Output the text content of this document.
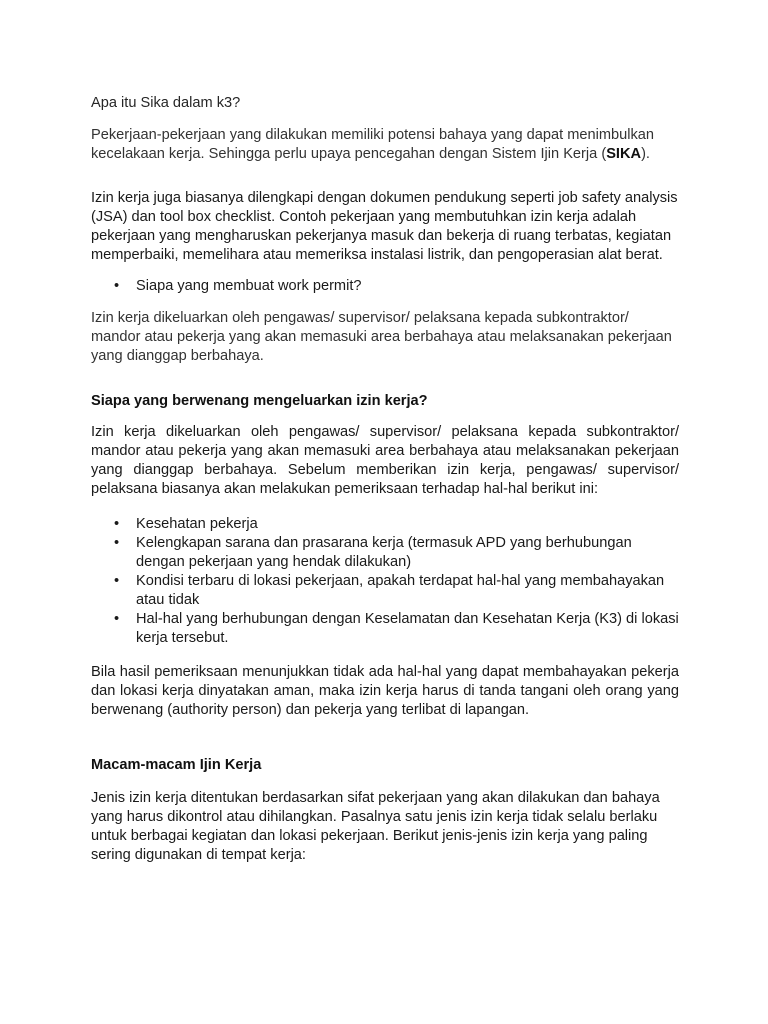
Apa itu Sika dalam k3?

Pekerjaan-pekerjaan yang dilakukan memiliki potensi bahaya yang dapat menimbulkan kecelakaan kerja. Sehingga perlu upaya pencegahan dengan Sistem Ijin Kerja (SIKA).

Izin kerja juga biasanya dilengkapi dengan dokumen pendukung seperti job safety analysis (JSA) dan tool box checklist. Contoh pekerjaan yang membutuhkan izin kerja adalah pekerjaan yang mengharuskan pekerjanya masuk dan bekerja di ruang terbatas, kegiatan memperbaiki, memelihara atau memeriksa instalasi listrik, dan pengoperasian alat berat.

• Siapa yang membuat work permit?

Izin kerja dikeluarkan oleh pengawas/ supervisor/ pelaksana kepada subkontraktor/ mandor atau pekerja yang akan memasuki area berbahaya atau melaksanakan pekerjaan yang dianggap berbahaya.

Siapa yang berwenang mengeluarkan izin kerja?

Izin kerja dikeluarkan oleh pengawas/ supervisor/ pelaksana kepada subkontraktor/ mandor atau pekerja yang akan memasuki area berbahaya atau melaksanakan pekerjaan yang dianggap berbahaya. Sebelum memberikan izin kerja, pengawas/ supervisor/ pelaksana biasanya akan melakukan pemeriksaan terhadap hal-hal berikut ini:

• Kesehatan pekerja
• Kelengkapan sarana dan prasarana kerja (termasuk APD yang berhubungan dengan pekerjaan yang hendak dilakukan)
• Kondisi terbaru di lokasi pekerjaan, apakah terdapat hal-hal yang membahayakan atau tidak
• Hal-hal yang berhubungan dengan Keselamatan dan Kesehatan Kerja (K3) di lokasi kerja tersebut.

Bila hasil pemeriksaan menunjukkan tidak ada hal-hal yang dapat membahayakan pekerja dan lokasi kerja dinyatakan aman, maka izin kerja harus di tanda tangani oleh orang yang berwenang (authority person) dan pekerja yang terlibat di lapangan.

Macam-macam Ijin Kerja

Jenis izin kerja ditentukan berdasarkan sifat pekerjaan yang akan dilakukan dan bahaya yang harus dikontrol atau dihilangkan. Pasalnya satu jenis izin kerja tidak selalu berlaku untuk berbagai kegiatan dan lokasi pekerjaan. Berikut jenis-jenis izin kerja yang paling sering digunakan di tempat kerja:
